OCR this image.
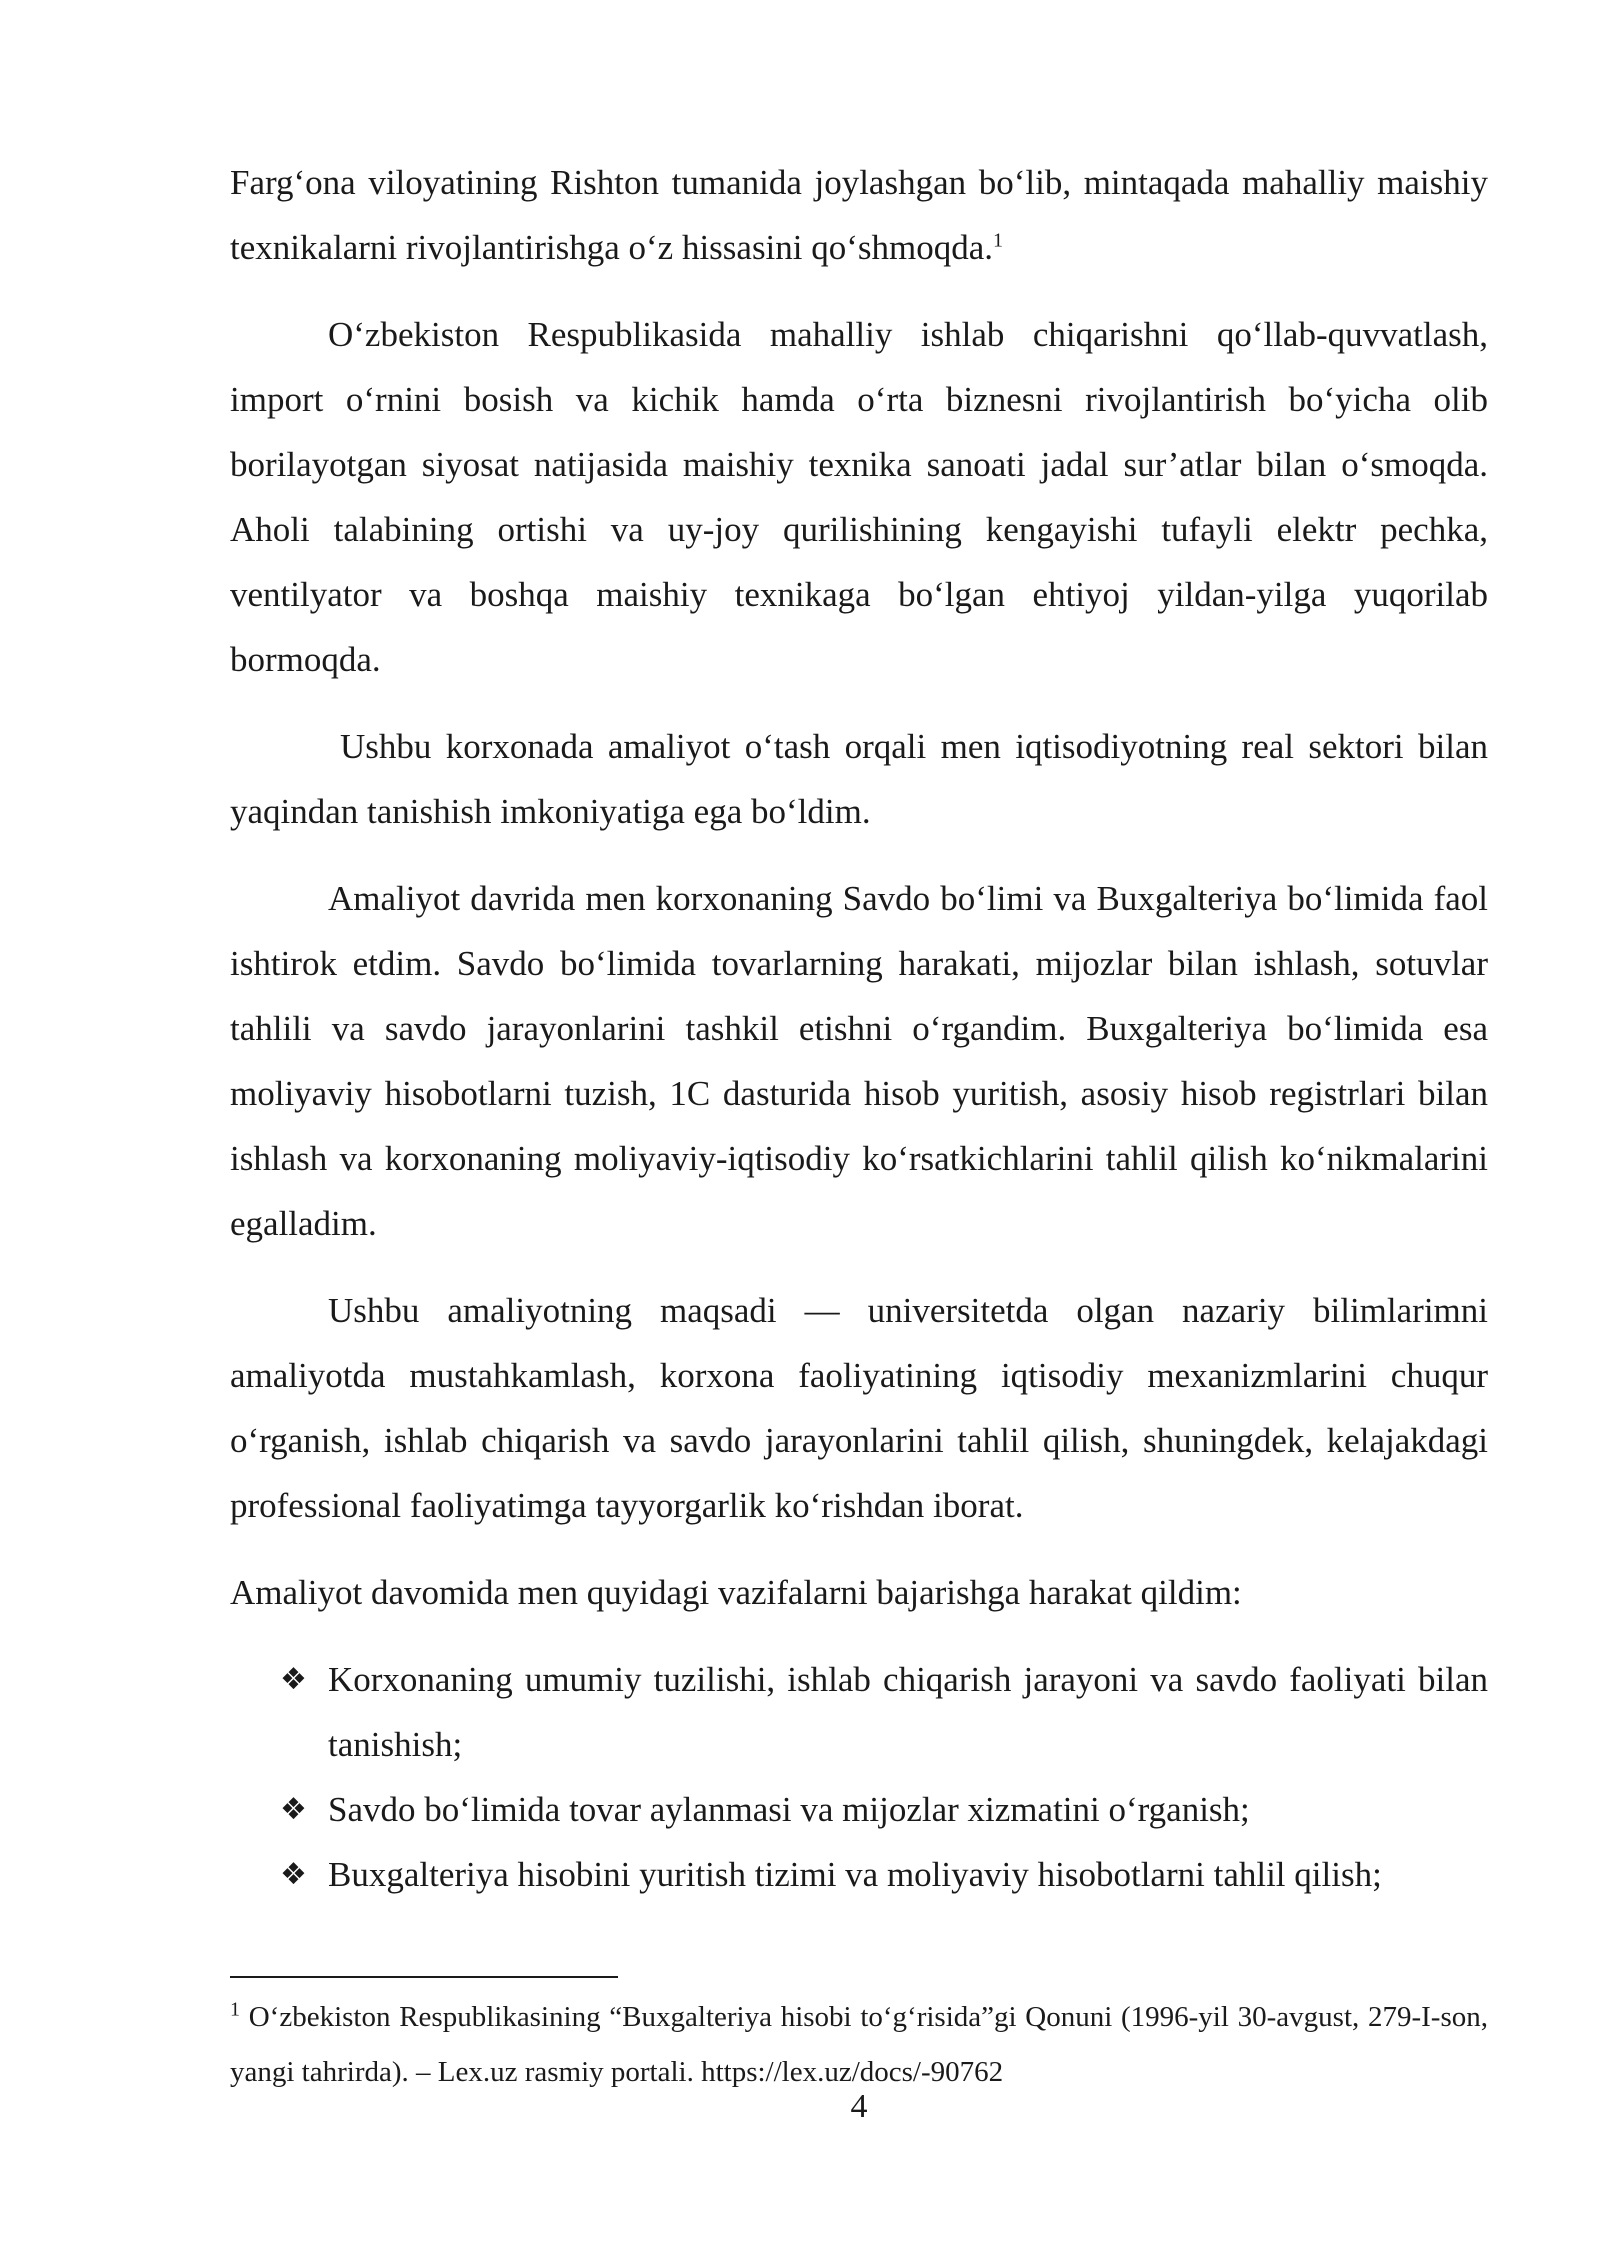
Farg‘ona viloyatining Rishton tumanida joylashgan bo‘lib, mintaqada mahalliy maishiy texnikalarni rivojlantirishga o‘z hissasini qo‘shmoqda.$^1$

O‘zbekiston Respublikasida mahalliy ishlab chiqarishni qo‘llab-quvvatlash, import o‘rnini bosish va kichik hamda o‘rta biznesni rivojlantirish bo‘yicha olib borilayotgan siyosat natijasida maishiy texnika sanoati jadal sur’atlar bilan o‘smoqda. Aholi talabining ortishi va uy-joy qurilishining kengayishi tufayli elektr pechka, ventilyator va boshqa maishiy texnikaga bo‘lgan ehtiyoj yildan-yilga yuqorilab bormoqda.

Ushbu korxonada amaliyot o‘tash orqali men iqtisodiyotning real sektori bilan yaqindan tanishish imkoniyatiga ega bo‘ldim.

Amaliyot davrida men korxonaning Savdo bo‘limi va Buxgalteriya bo‘limida faol ishtirok etdim. Savdo bo‘limida tovarlarning harakati, mijozlar bilan ishlash, sotuvlar tahlili va savdo jarayonlarini tashkil etishni o‘rgandim. Buxgalteriya bo‘limida esa moliyaviy hisobotlarni tuzish, 1C dasturida hisob yuritish, asosiy hisob registrlari bilan ishlash va korxonaning moliyaviy-iqtisodiy ko‘rsatkichlarini tahlil qilish ko‘nikmalarini egalladim.

Ushbu amaliyotning maqsadi — universitetda olgan nazariy bilimlarimni amaliyotda mustahkamlash, korxona faoliyatining iqtisodiy mexanizmlarini chuqur o‘rganish, ishlab chiqarish va savdo jarayonlarini tahlil qilish, shuningdek, kelajakdagi professional faoliyatimga tayyorgarlik ko‘rishdan iborat.

Amaliyot davomida men quyidagi vazifalarni bajarishga harakat qildim:

❖ Korxonaning umumiy tuzilishi, ishlab chiqarish jarayoni va savdo faoliyati bilan tanishish;
❖ Savdo bo‘limida tovar aylanmasi va mijozlar xizmatini o‘rganish;
❖ Buxgalteriya hisobini yuritish tizimi va moliyaviy hisobotlarni tahlil qilish;
$^1$ O‘zbekiston Respublikasining “Buxgalteriya hisobi to‘g‘risida”gi Qonuni (1996-yil 30-avgust, 279-I-son, yangi tahrirda). – Lex.uz rasmiy portali. https://lex.uz/docs/-90762
4
